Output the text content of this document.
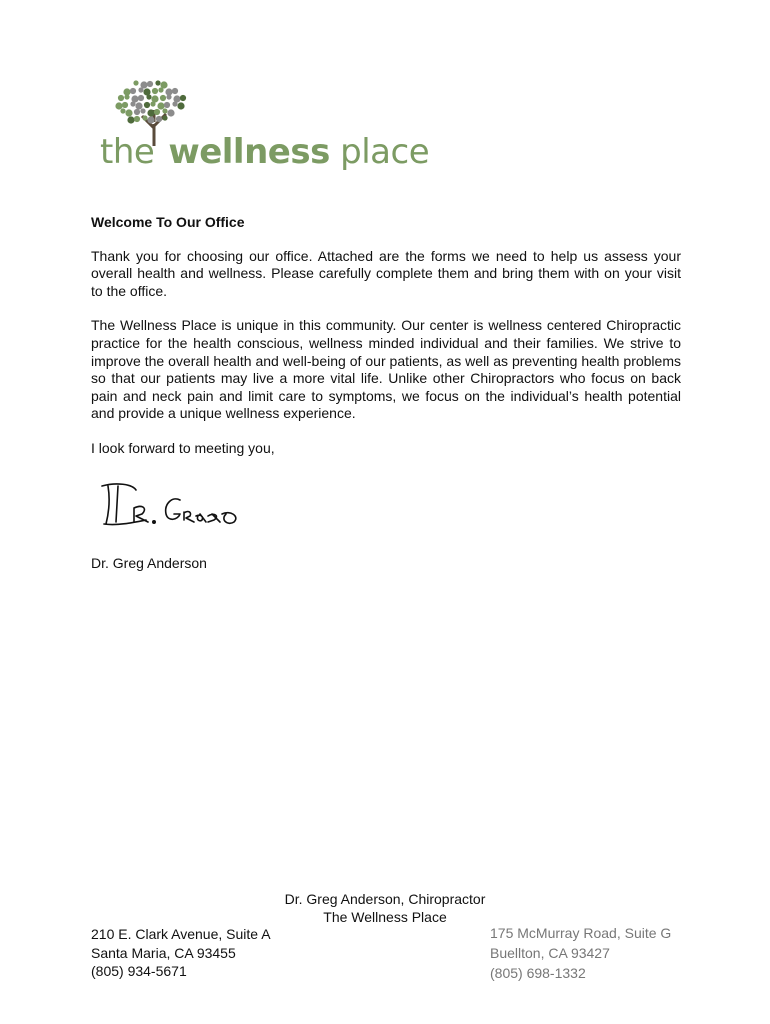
the wellness place
Welcome To Our Office

Thank you for choosing our office. Attached are the forms we need to help us assess your overall health and wellness. Please carefully complete them and bring them with on your visit to the office.

The Wellness Place is unique in this community. Our center is wellness centered Chiropractic practice for the health conscious, wellness minded individual and their families. We strive to improve the overall health and well-being of our patients, as well as preventing health problems so that our patients may live a more vital life. Unlike other Chiropractors who focus on back pain and neck pain and limit care to symptoms, we focus on the individual’s health potential and provide a unique wellness experience.

I look forward to meeting you,

Dr. Greg Anderson
Dr. Greg Anderson, Chiropractor
The Wellness Place
210 E. Clark Avenue, Suite A
Santa Maria, CA 93455
(805) 934-5671
175 McMurray Road, Suite G
Buellton, CA 93427
(805) 698-1332
